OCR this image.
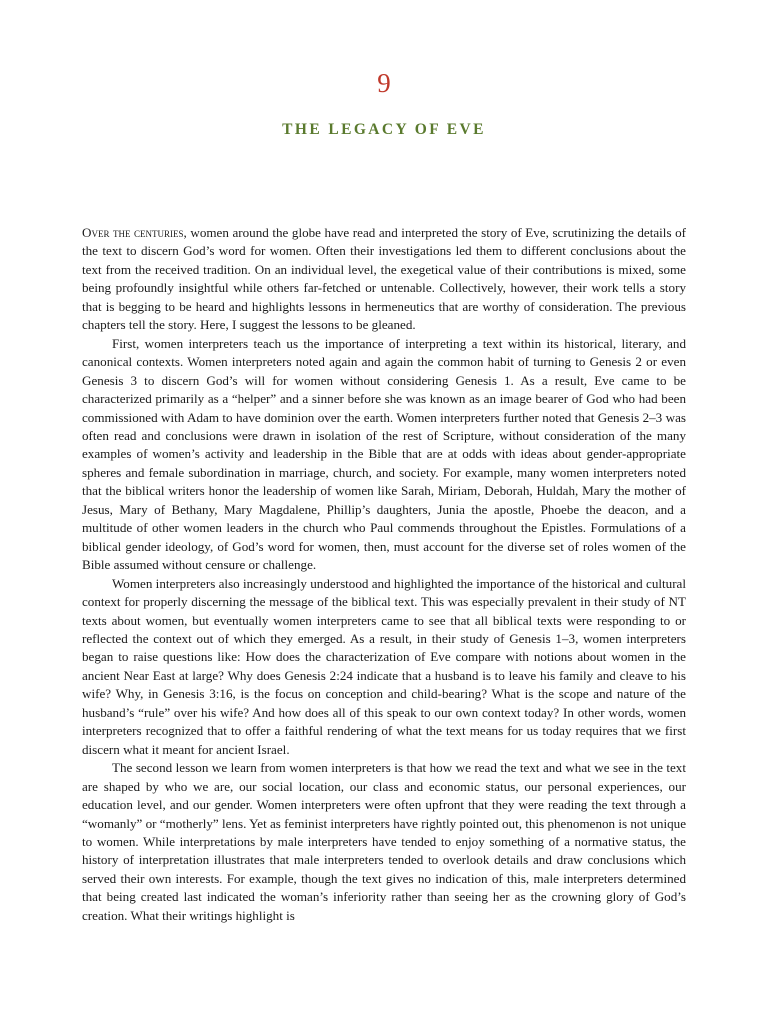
9
THE LEGACY OF EVE

Over the centuries, women around the globe have read and interpreted the story of Eve, scrutinizing the details of the text to discern God’s word for women. Often their investigations led them to different conclusions about the text from the received tradition. On an individual level, the exegetical value of their contributions is mixed, some being profoundly insightful while others far-fetched or untenable. Collectively, however, their work tells a story that is begging to be heard and highlights lessons in hermeneutics that are worthy of consideration. The previous chapters tell the story. Here, I suggest the lessons to be gleaned.

First, women interpreters teach us the importance of interpreting a text within its historical, literary, and canonical contexts. Women interpreters noted again and again the common habit of turning to Genesis 2 or even Genesis 3 to discern God’s will for women without considering Genesis 1. As a result, Eve came to be characterized primarily as a “helper” and a sinner before she was known as an image bearer of God who had been commissioned with Adam to have dominion over the earth. Women interpreters further noted that Genesis 2–3 was often read and conclusions were drawn in isolation of the rest of Scripture, without consideration of the many examples of women’s activity and leadership in the Bible that are at odds with ideas about gender-appropriate spheres and female subordination in marriage, church, and society. For example, many women interpreters noted that the biblical writers honor the leadership of women like Sarah, Miriam, Deborah, Huldah, Mary the mother of Jesus, Mary of Bethany, Mary Magdalene, Phillip’s daughters, Junia the apostle, Phoebe the deacon, and a multitude of other women leaders in the church who Paul commends throughout the Epistles. Formulations of a biblical gender ideology, of God’s word for women, then, must account for the diverse set of roles women of the Bible assumed without censure or challenge.

Women interpreters also increasingly understood and highlighted the importance of the historical and cultural context for properly discerning the message of the biblical text. This was especially prevalent in their study of NT texts about women, but eventually women interpreters came to see that all biblical texts were responding to or reflected the context out of which they emerged. As a result, in their study of Genesis 1–3, women interpreters began to raise questions like: How does the characterization of Eve compare with notions about women in the ancient Near East at large? Why does Genesis 2:24 indicate that a husband is to leave his family and cleave to his wife? Why, in Genesis 3:16, is the focus on conception and child-bearing? What is the scope and nature of the husband’s “rule” over his wife? And how does all of this speak to our own context today? In other words, women interpreters recognized that to offer a faithful rendering of what the text means for us today requires that we first discern what it meant for ancient Israel.

The second lesson we learn from women interpreters is that how we read the text and what we see in the text are shaped by who we are, our social location, our class and economic status, our personal experiences, our education level, and our gender. Women interpreters were often upfront that they were reading the text through a “womanly” or “motherly” lens. Yet as feminist interpreters have rightly pointed out, this phenomenon is not unique to women. While interpretations by male interpreters have tended to enjoy something of a normative status, the history of interpretation illustrates that male interpreters tended to overlook details and draw conclusions which served their own interests. For example, though the text gives no indication of this, male interpreters determined that being created last indicated the woman’s inferiority rather than seeing her as the crowning glory of God’s creation. What their writings highlight is
